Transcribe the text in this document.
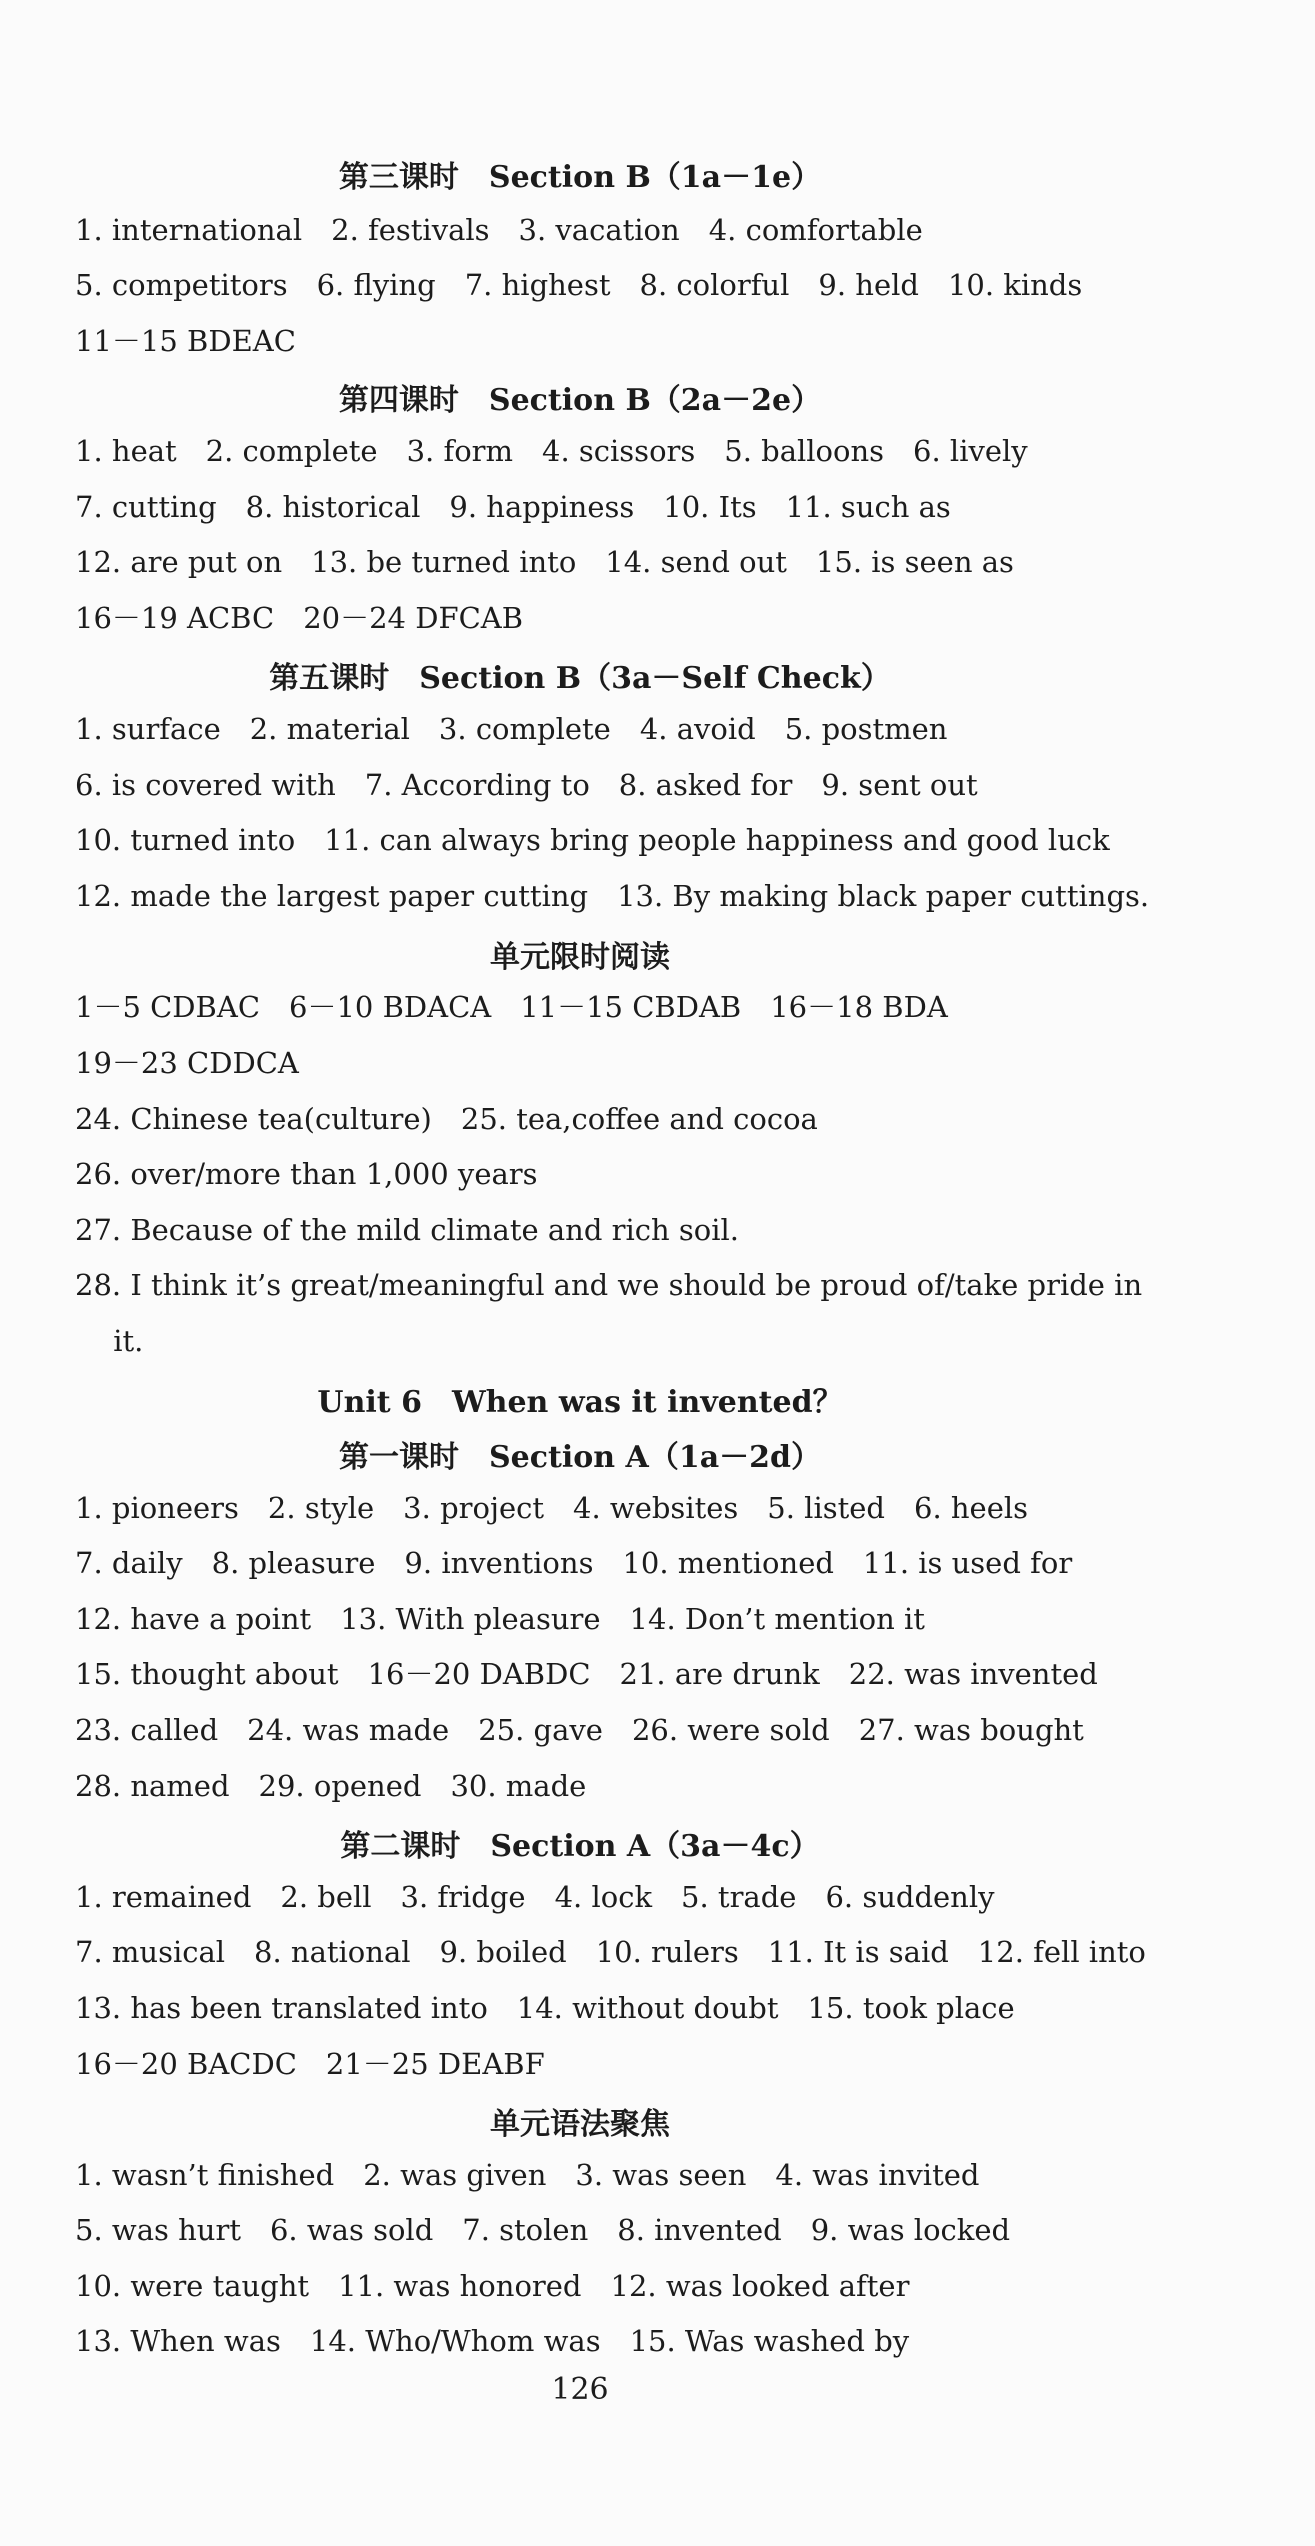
第三课时　Section B（1a－1e）
1. international　2. festivals　3. vacation　4. comfortable
5. competitors　6. flying　7. highest　8. colorful　9. held　10. kinds
11－15 BDEAC
第四课时　Section B（2a－2e）
1. heat　2. complete　3. form　4. scissors　5. balloons　6. lively
7. cutting　8. historical　9. happiness　10. Its　11. such as
12. are put on　13. be turned into　14. send out　15. is seen as
16－19 ACBC　20－24 DFCAB
第五课时　Section B（3a－Self Check）
1. surface　2. material　3. complete　4. avoid　5. postmen
6. is covered with　7. According to　8. asked for　9. sent out
10. turned into　11. can always bring people happiness and good luck
12. made the largest paper cutting　13. By making black paper cuttings.
单元限时阅读
1－5 CDBAC　6－10 BDACA　11－15 CBDAB　16－18 BDA
19－23 CDDCA
24. Chinese tea(culture)　25. tea,coffee and cocoa
26. over/more than 1,000 years
27. Because of the mild climate and rich soil.
28. I think it’s great/meaningful and we should be proud of/take pride in
　 it.
Unit 6　When was it invented？
第一课时　Section A（1a－2d）
1. pioneers　2. style　3. project　4. websites　5. listed　6. heels
7. daily　8. pleasure　9. inventions　10. mentioned　11. is used for
12. have a point　13. With pleasure　14. Don’t mention it
15. thought about　16－20 DABDC　21. are drunk　22. was invented
23. called　24. was made　25. gave　26. were sold　27. was bought
28. named　29. opened　30. made
第二课时　Section A（3a－4c）
1. remained　2. bell　3. fridge　4. lock　5. trade　6. suddenly
7. musical　8. national　9. boiled　10. rulers　11. It is said　12. fell into
13. has been translated into　14. without doubt　15. took place
16－20 BACDC　21－25 DEABF
单元语法聚焦
1. wasn’t finished　2. was given　3. was seen　4. was invited
5. was hurt　6. was sold　7. stolen　8. invented　9. was locked
10. were taught　11. was honored　12. was looked after
13. When was　14. Who/Whom was　15. Was washed by
126
